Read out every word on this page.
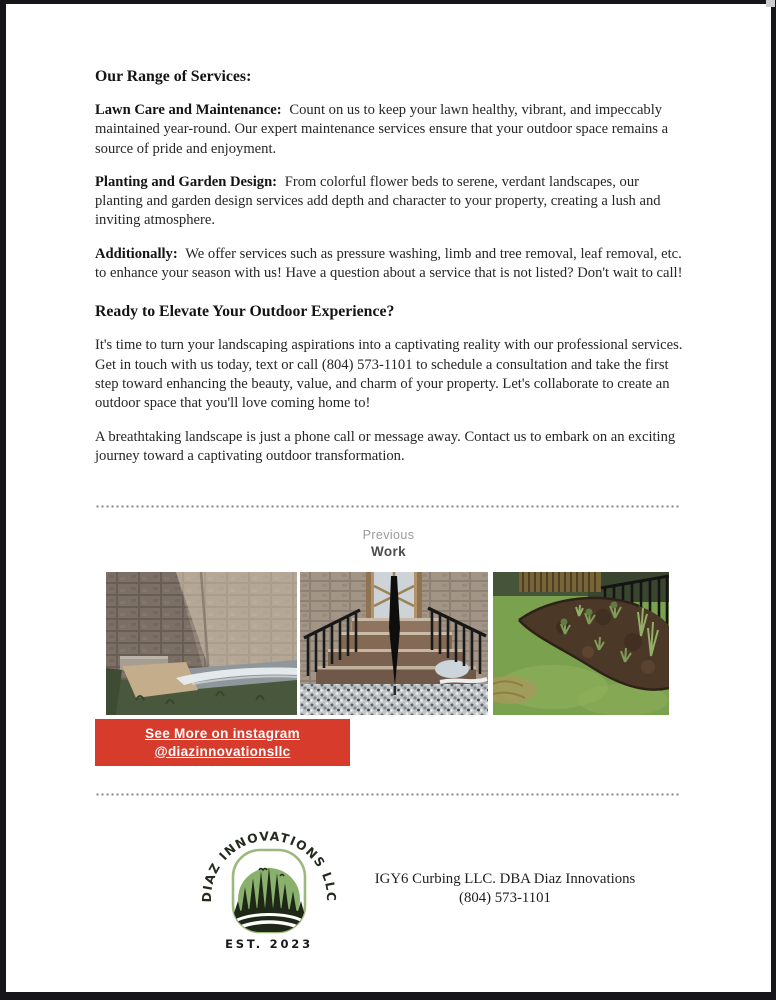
Our Range of Services:

Lawn Care and Maintenance: Count on us to keep your lawn healthy, vibrant, and impeccably maintained year-round. Our expert maintenance services ensure that your outdoor space remains a source of pride and enjoyment.

Planting and Garden Design: From colorful flower beds to serene, verdant landscapes, our planting and garden design services add depth and character to your property, creating a lush and inviting atmosphere.

Additionally: We offer services such as pressure washing, limb and tree removal, leaf removal, etc. to enhance your season with us! Have a question about a service that is not listed? Don't wait to call!

Ready to Elevate Your Outdoor Experience?

It's time to turn your landscaping aspirations into a captivating reality with our professional services. Get in touch with us today, text or call (804) 573-1101 to schedule a consultation and take the first step toward enhancing the beauty, value, and charm of your property. Let's collaborate to create an outdoor space that you'll love coming home to!

A breathtaking landscape is just a phone call or message away. Contact us to embark on an exciting journey toward a captivating outdoor transformation.

Previous
Work
See More on instagram
@diazinnovationsllc
DIAZ INNOVATIONS LLC
EST. 2023
IGY6 Curbing LLC. DBA Diaz Innovations
(804) 573-1101
